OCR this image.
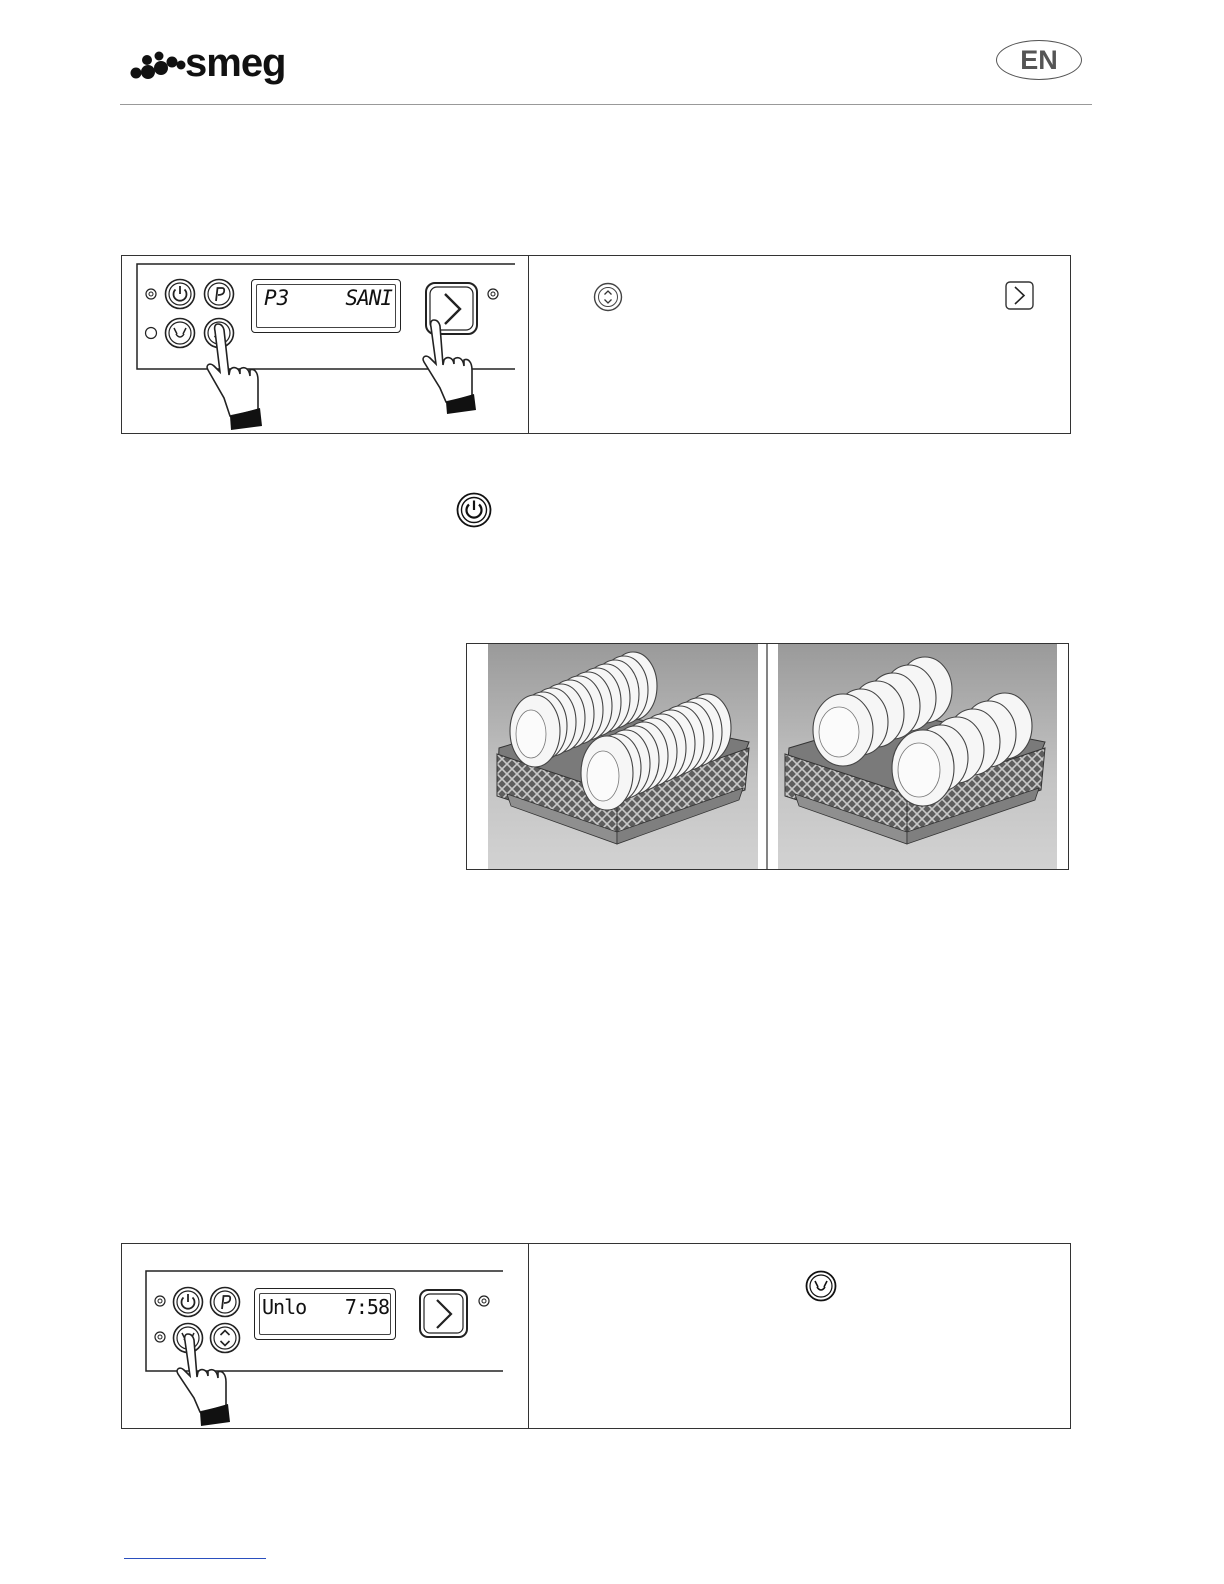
smeg	EN
P3	SANI
Unlo 7:58
